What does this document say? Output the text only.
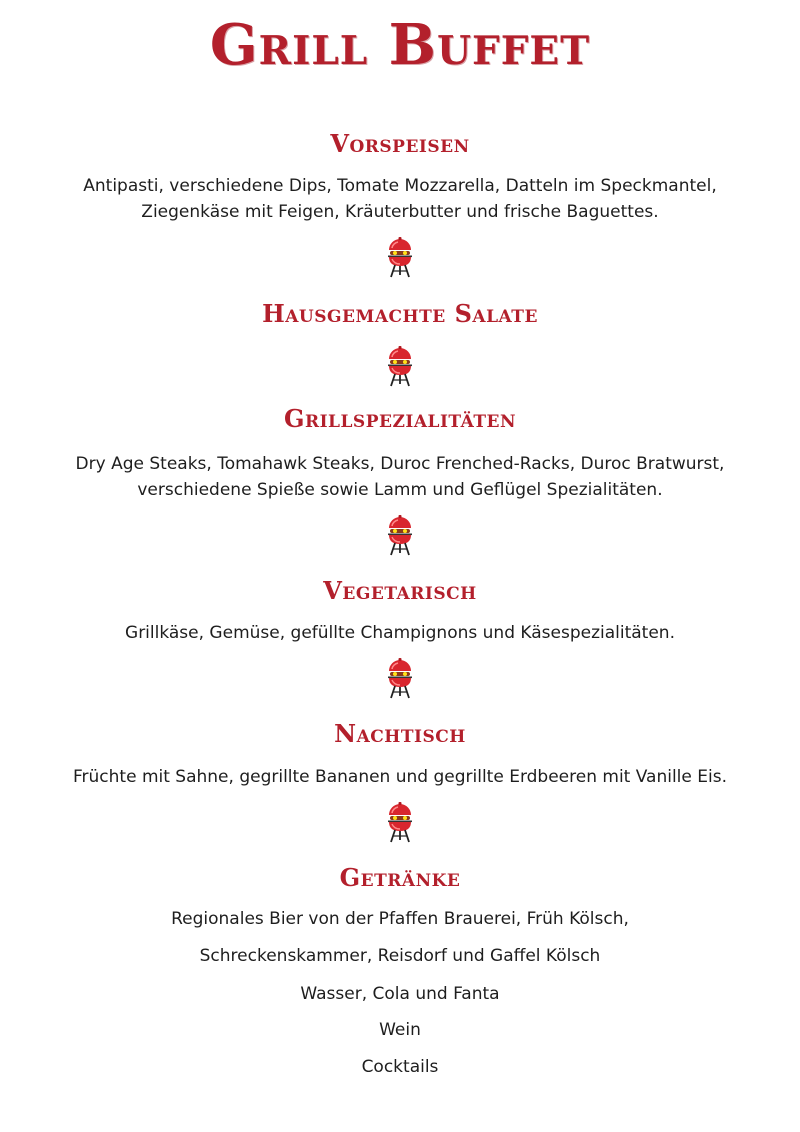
Grill Buffet
Vorspeisen
Antipasti, verschiedene Dips, Tomate Mozzarella, Datteln im Speckmantel,
Ziegenkäse mit Feigen, Kräuterbutter und frische Baguettes.
Hausgemachte Salate
Grillspezialitäten
Dry Age Steaks, Tomahawk Steaks, Duroc Frenched-Racks, Duroc Bratwurst,
verschiedene Spieße sowie Lamm und Geflügel Spezialitäten.
Vegetarisch
Grillkäse, Gemüse, gefüllte Champignons und Käsespezialitäten.
Nachtisch
Früchte mit Sahne, gegrillte Bananen und gegrillte Erdbeeren mit Vanille Eis.
Getränke
Regionales Bier von der Pfaffen Brauerei, Früh Kölsch,
Schreckenskammer, Reisdorf und Gaffel Kölsch
Wasser, Cola und Fanta
Wein
Cocktails
